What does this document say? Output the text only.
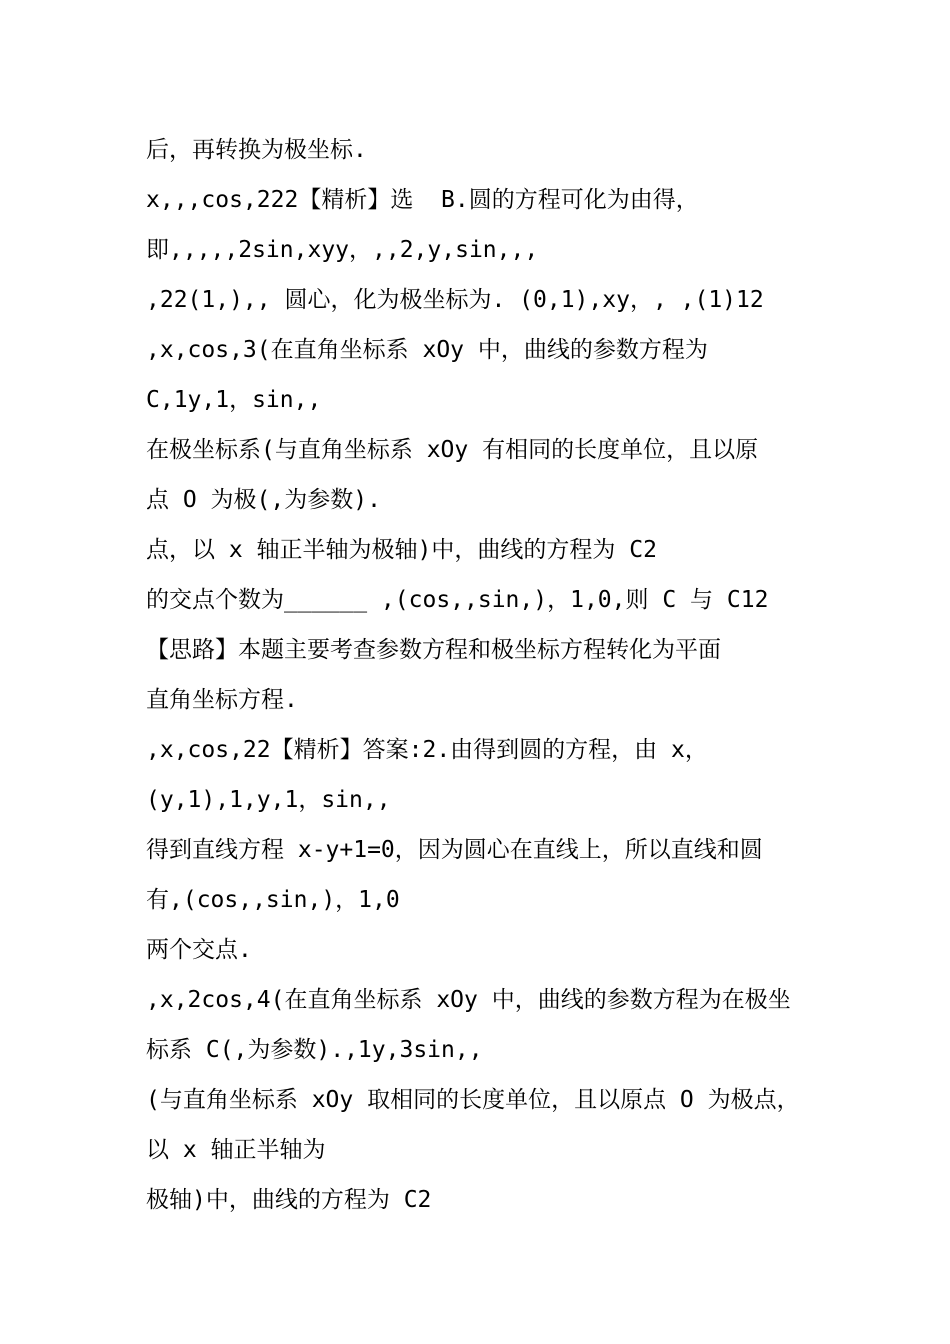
后，再转换为极坐标.
x,,,cos,222【精析】选  B.圆的方程可化为由得，
即,,,,,2sin,xyy，,,2,y,sin,,,
,22(1,),, 圆心，化为极坐标为. (0,1),xy，, ,(1)12
,x,cos,3(在直角坐标系 xOy 中，曲线的参数方程为
C,1y,1，sin,,
在极坐标系(与直角坐标系 xOy 有相同的长度单位，且以原
点 O 为极(,为参数).
点，以 x 轴正半轴为极轴)中，曲线的方程为 C2
的交点个数为______ ,(cos,,sin,)，1,0,则 C 与 C12
【思路】本题主要考查参数方程和极坐标方程转化为平面
直角坐标方程.
,x,cos,22【精析】答案:2.由得到圆的方程，由 x，
(y,1),1,y,1，sin,,
得到直线方程 x-y+1=0，因为圆心在直线上，所以直线和圆
有,(cos,,sin,)，1,0
两个交点.
,x,2cos,4(在直角坐标系 xOy 中，曲线的参数方程为在极坐
标系 C(,为参数).,1y,3sin,,
(与直角坐标系 xOy 取相同的长度单位，且以原点 O 为极点，
以 x 轴正半轴为
极轴)中，曲线的方程为 C2
